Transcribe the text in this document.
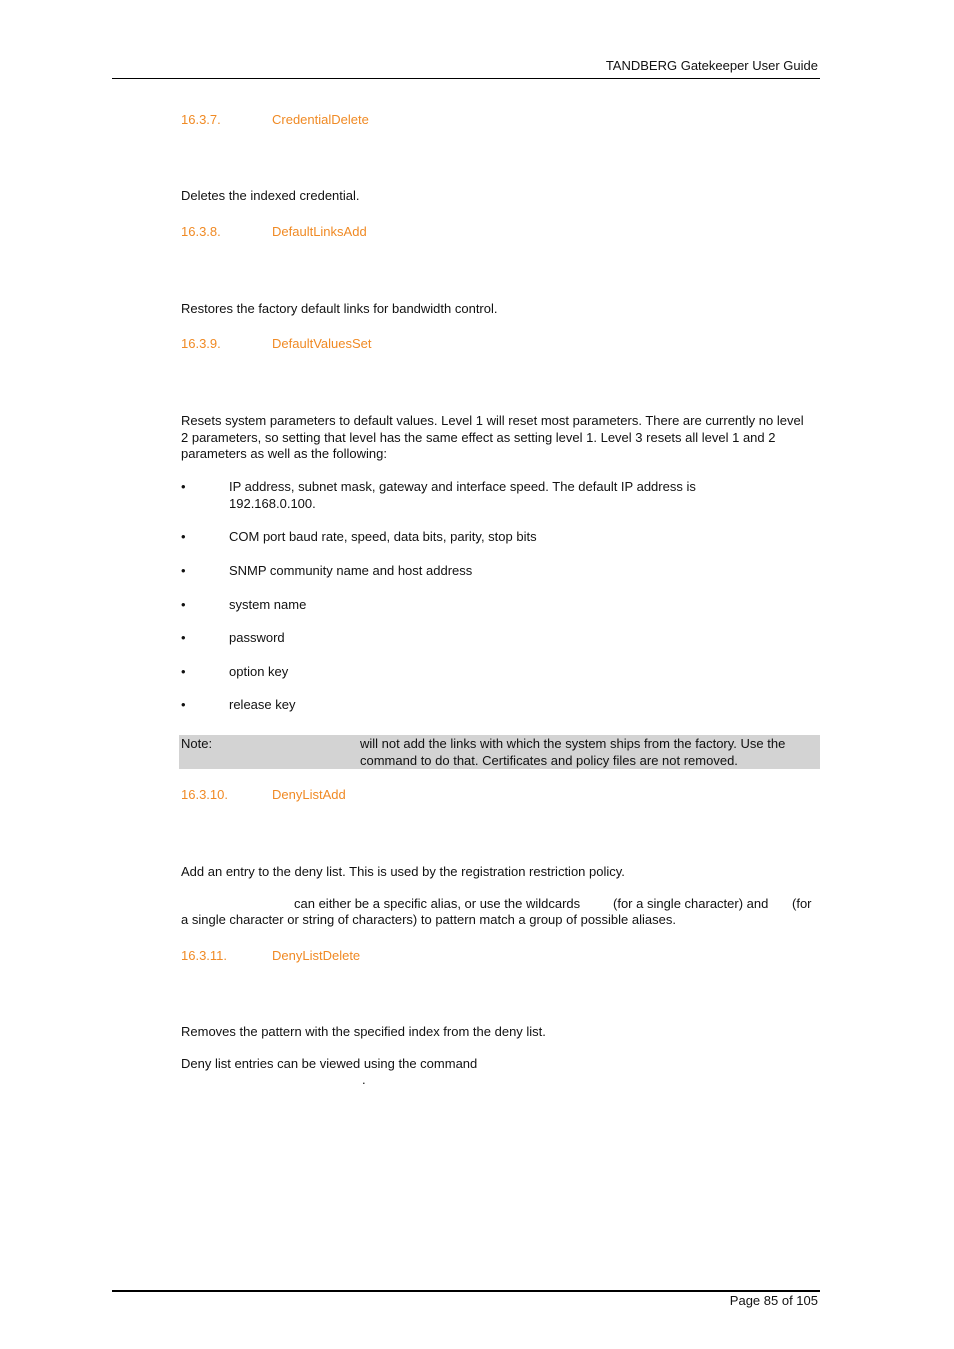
TANDBERG Gatekeeper User Guide
16.3.7.	CredentialDelete
Deletes the indexed credential.
16.3.8.	DefaultLinksAdd
Restores the factory default links for bandwidth control.
16.3.9.	DefaultValuesSet
Resets system parameters to default values. Level 1 will reset most parameters. There are currently no level 2 parameters, so setting that level has the same effect as setting level 1. Level 3 resets all level 1 and 2 parameters as well as the following:
•	IP address, subnet mask, gateway and interface speed. The default IP address is 192.168.0.100.
•	COM port baud rate, speed, data bits, parity, stop bits
•	SNMP community name and host address
•	system name
•	password
•	option key
•	release key
Note:	will not add the links with which the system ships from the factory. Use the
command to do that. Certificates and policy files are not removed.
16.3.10.	DenyListAdd
Add an entry to the deny list. This is used by the registration restriction policy.
can either be a specific alias, or use the wildcards	(for a single character) and (for
a single character or string of characters) to pattern match a group of possible aliases.
16.3.11.	DenyListDelete
Removes the pattern with the specified index from the deny list.
Deny list entries can be viewed using the command
.
Page 85 of 105
